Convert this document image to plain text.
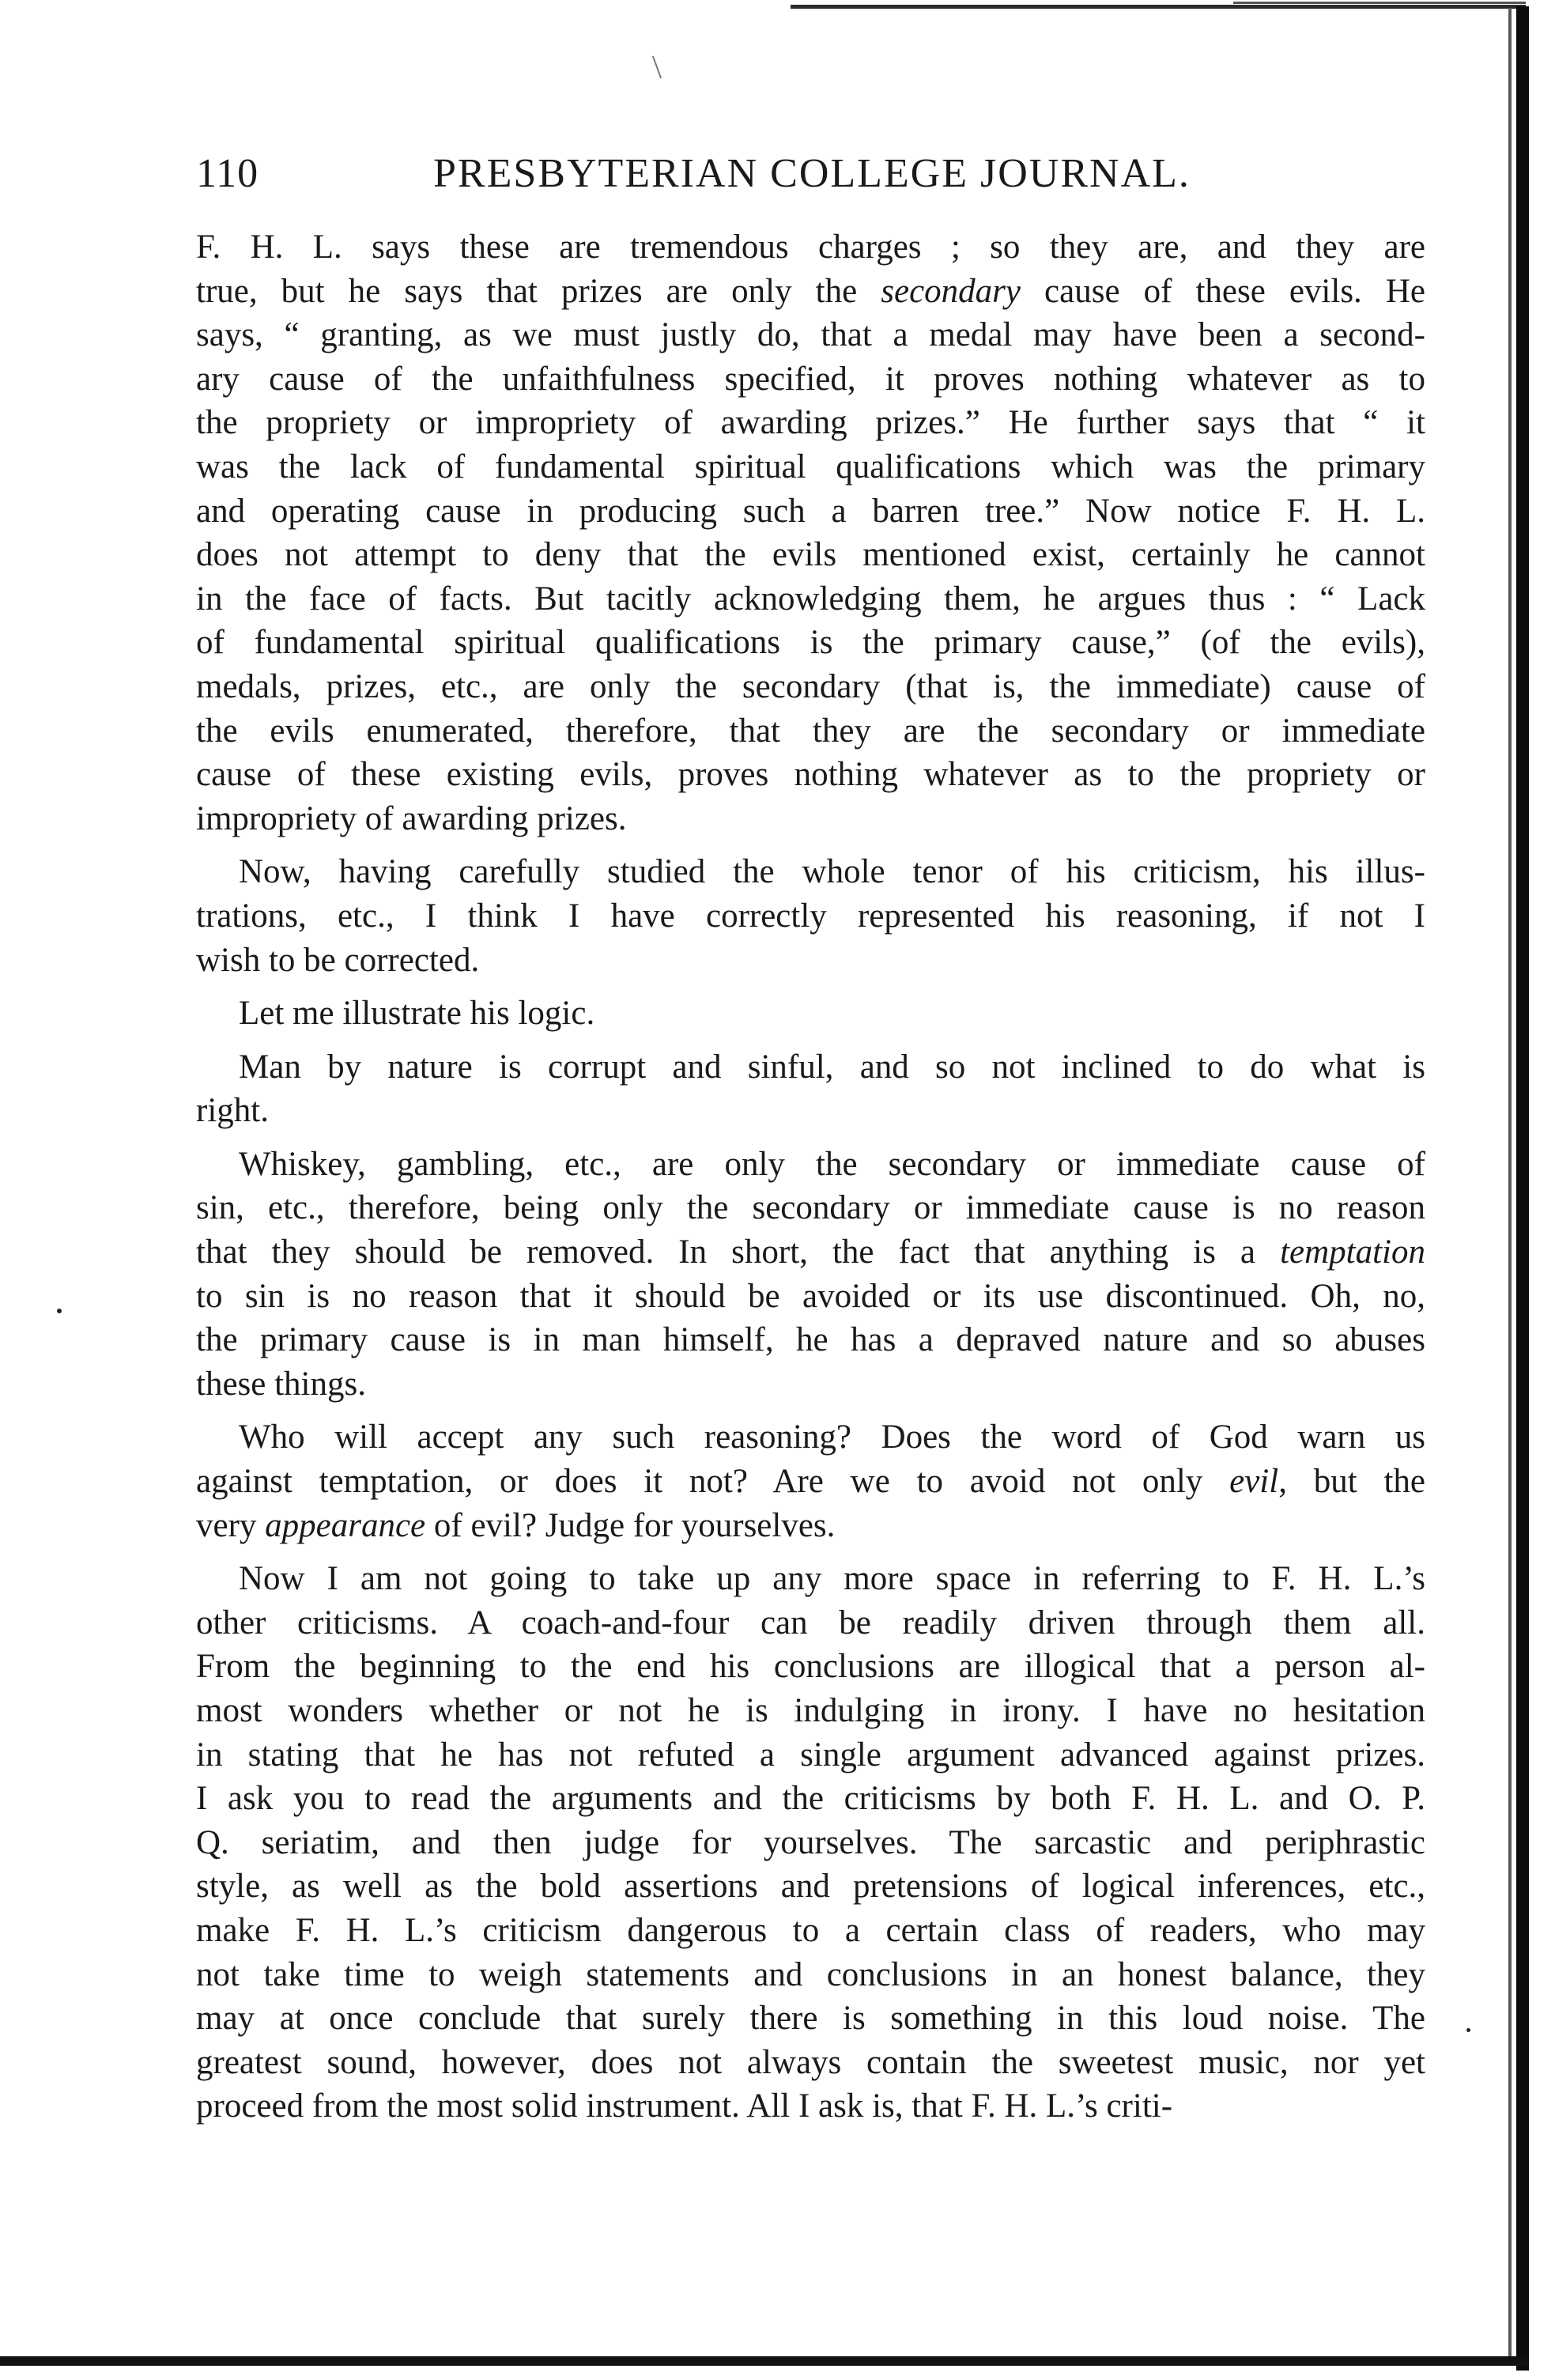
110	PRESBYTERIAN COLLEGE JOURNAL.
F. H. L. says these are tremendous charges ; so they are, and they are
true, but he says that prizes are only the secondary cause of these evils. He
says, “ granting, as we must justly do, that a medal may have been a second-
ary cause of the unfaithfulness specified, it proves nothing whatever as to
the propriety or impropriety of awarding prizes.” He further says that “ it
was the lack of fundamental spiritual qualifications which was the primary
and operating cause in producing such a barren tree.” Now notice F. H. L.
does not attempt to deny that the evils mentioned exist, certainly he cannot
in the face of facts. But tacitly acknowledging them, he argues thus : “ Lack
of fundamental spiritual qualifications is the primary cause,” (of the evils),
medals, prizes, etc., are only the secondary (that is, the immediate) cause of
the evils enumerated, therefore, that they are the secondary or immediate
cause of these existing evils, proves nothing whatever as to the propriety or
impropriety of awarding prizes.
Now, having carefully studied the whole tenor of his criticism, his illus-
trations, etc., I think I have correctly represented his reasoning, if not I
wish to be corrected.
Let me illustrate his logic.
Man by nature is corrupt and sinful, and so not inclined to do what is
right.
Whiskey, gambling, etc., are only the secondary or immediate cause of
sin, etc., therefore, being only the secondary or immediate cause is no reason
that they should be removed. In short, the fact that anything is a temptation
to sin is no reason that it should be avoided or its use discontinued. Oh, no,
the primary cause is in man himself, he has a depraved nature and so abuses
these things.
Who will accept any such reasoning? Does the word of God warn us
against temptation, or does it not? Are we to avoid not only evil, but the
very appearance of evil? Judge for yourselves.
Now I am not going to take up any more space in referring to F. H. L.’s
other criticisms. A coach-and-four can be readily driven through them all.
From the beginning to the end his conclusions are illogical that a person al-
most wonders whether or not he is indulging in irony. I have no hesitation
in stating that he has not refuted a single argument advanced against prizes.
I ask you to read the arguments and the criticisms by both F. H. L. and O. P.
Q. seriatim, and then judge for yourselves. The sarcastic and periphrastic
style, as well as the bold assertions and pretensions of logical inferences, etc.,
make F. H. L.’s criticism dangerous to a certain class of readers, who may
not take time to weigh statements and conclusions in an honest balance, they
may at once conclude that surely there is something in this loud noise. The
greatest sound, however, does not always contain the sweetest music, nor yet
proceed from the most solid instrument. All I ask is, that F. H. L.’s criti-
